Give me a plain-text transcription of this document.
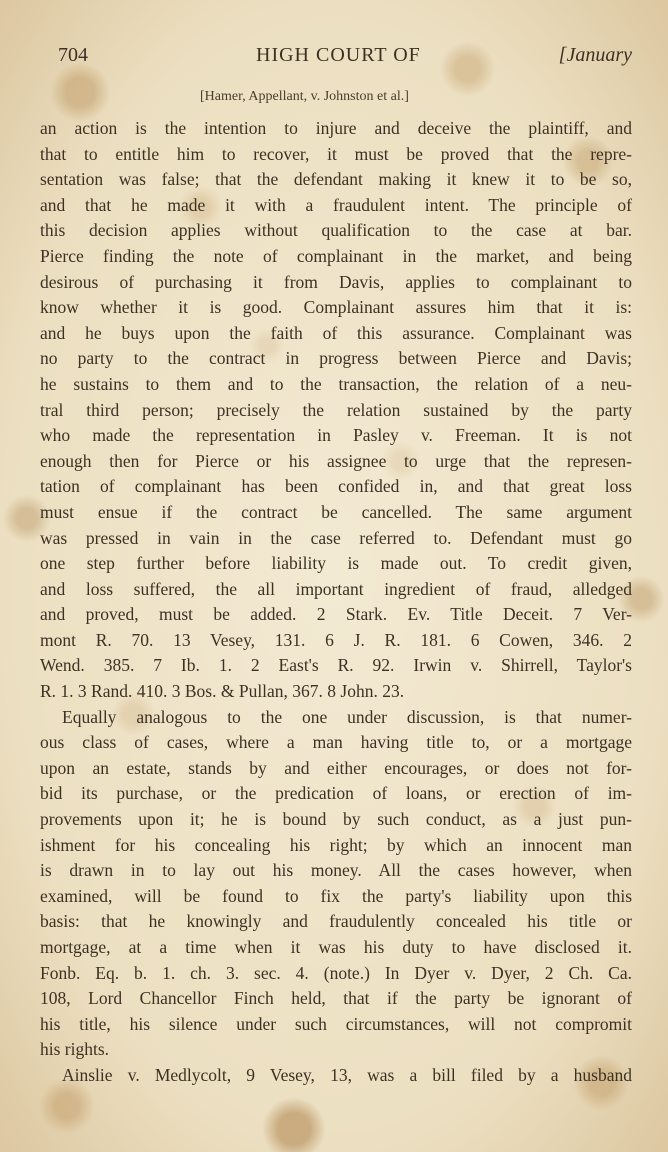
704	HIGH COURT OF	[January
[Hamer, Appellant, v. Johnston et al.]
an action is the intention to injure and deceive the plaintiff, and
that to entitle him to recover, it must be proved that the repre-
sentation was false; that the defendant making it knew it to be so,
and that he made it with a fraudulent intent. The principle of
this decision applies without qualification to the case at bar.
Pierce finding the note of complainant in the market, and being
desirous of purchasing it from Davis, applies to complainant to
know whether it is good. Complainant assures him that it is:
and he buys upon the faith of this assurance. Complainant was
no party to the contract in progress between Pierce and Davis;
he sustains to them and to the transaction, the relation of a neu-
tral third person; precisely the relation sustained by the party
who made the representation in Pasley v. Freeman. It is not
enough then for Pierce or his assignee to urge that the represen-
tation of complainant has been confided in, and that great loss
must ensue if the contract be cancelled. The same argument
was pressed in vain in the case referred to. Defendant must go
one step further before liability is made out. To credit given,
and loss suffered, the all important ingredient of fraud, alledged
and proved, must be added. 2 Stark. Ev. Title Deceit. 7 Ver-
mont R. 70. 13 Vesey, 131. 6 J. R. 181. 6 Cowen, 346. 2
Wend. 385. 7 Ib. 1. 2 East's R. 92. Irwin v. Shirrell, Taylor's
R. 1. 3 Rand. 410. 3 Bos. & Pullan, 367. 8 John. 23.
Equally analogous to the one under discussion, is that numer-
ous class of cases, where a man having title to, or a mortgage
upon an estate, stands by and either encourages, or does not for-
bid its purchase, or the predication of loans, or erection of im-
provements upon it; he is bound by such conduct, as a just pun-
ishment for his concealing his right; by which an innocent man
is drawn in to lay out his money. All the cases however, when
examined, will be found to fix the party's liability upon this
basis: that he knowingly and fraudulently concealed his title or
mortgage, at a time when it was his duty to have disclosed it.
Fonb. Eq. b. 1. ch. 3. sec. 4. (note.) In Dyer v. Dyer, 2 Ch. Ca.
108, Lord Chancellor Finch held, that if the party be ignorant of
his title, his silence under such circumstances, will not compromit
his rights.
Ainslie v. Medlycolt, 9 Vesey, 13, was a bill filed by a husband
